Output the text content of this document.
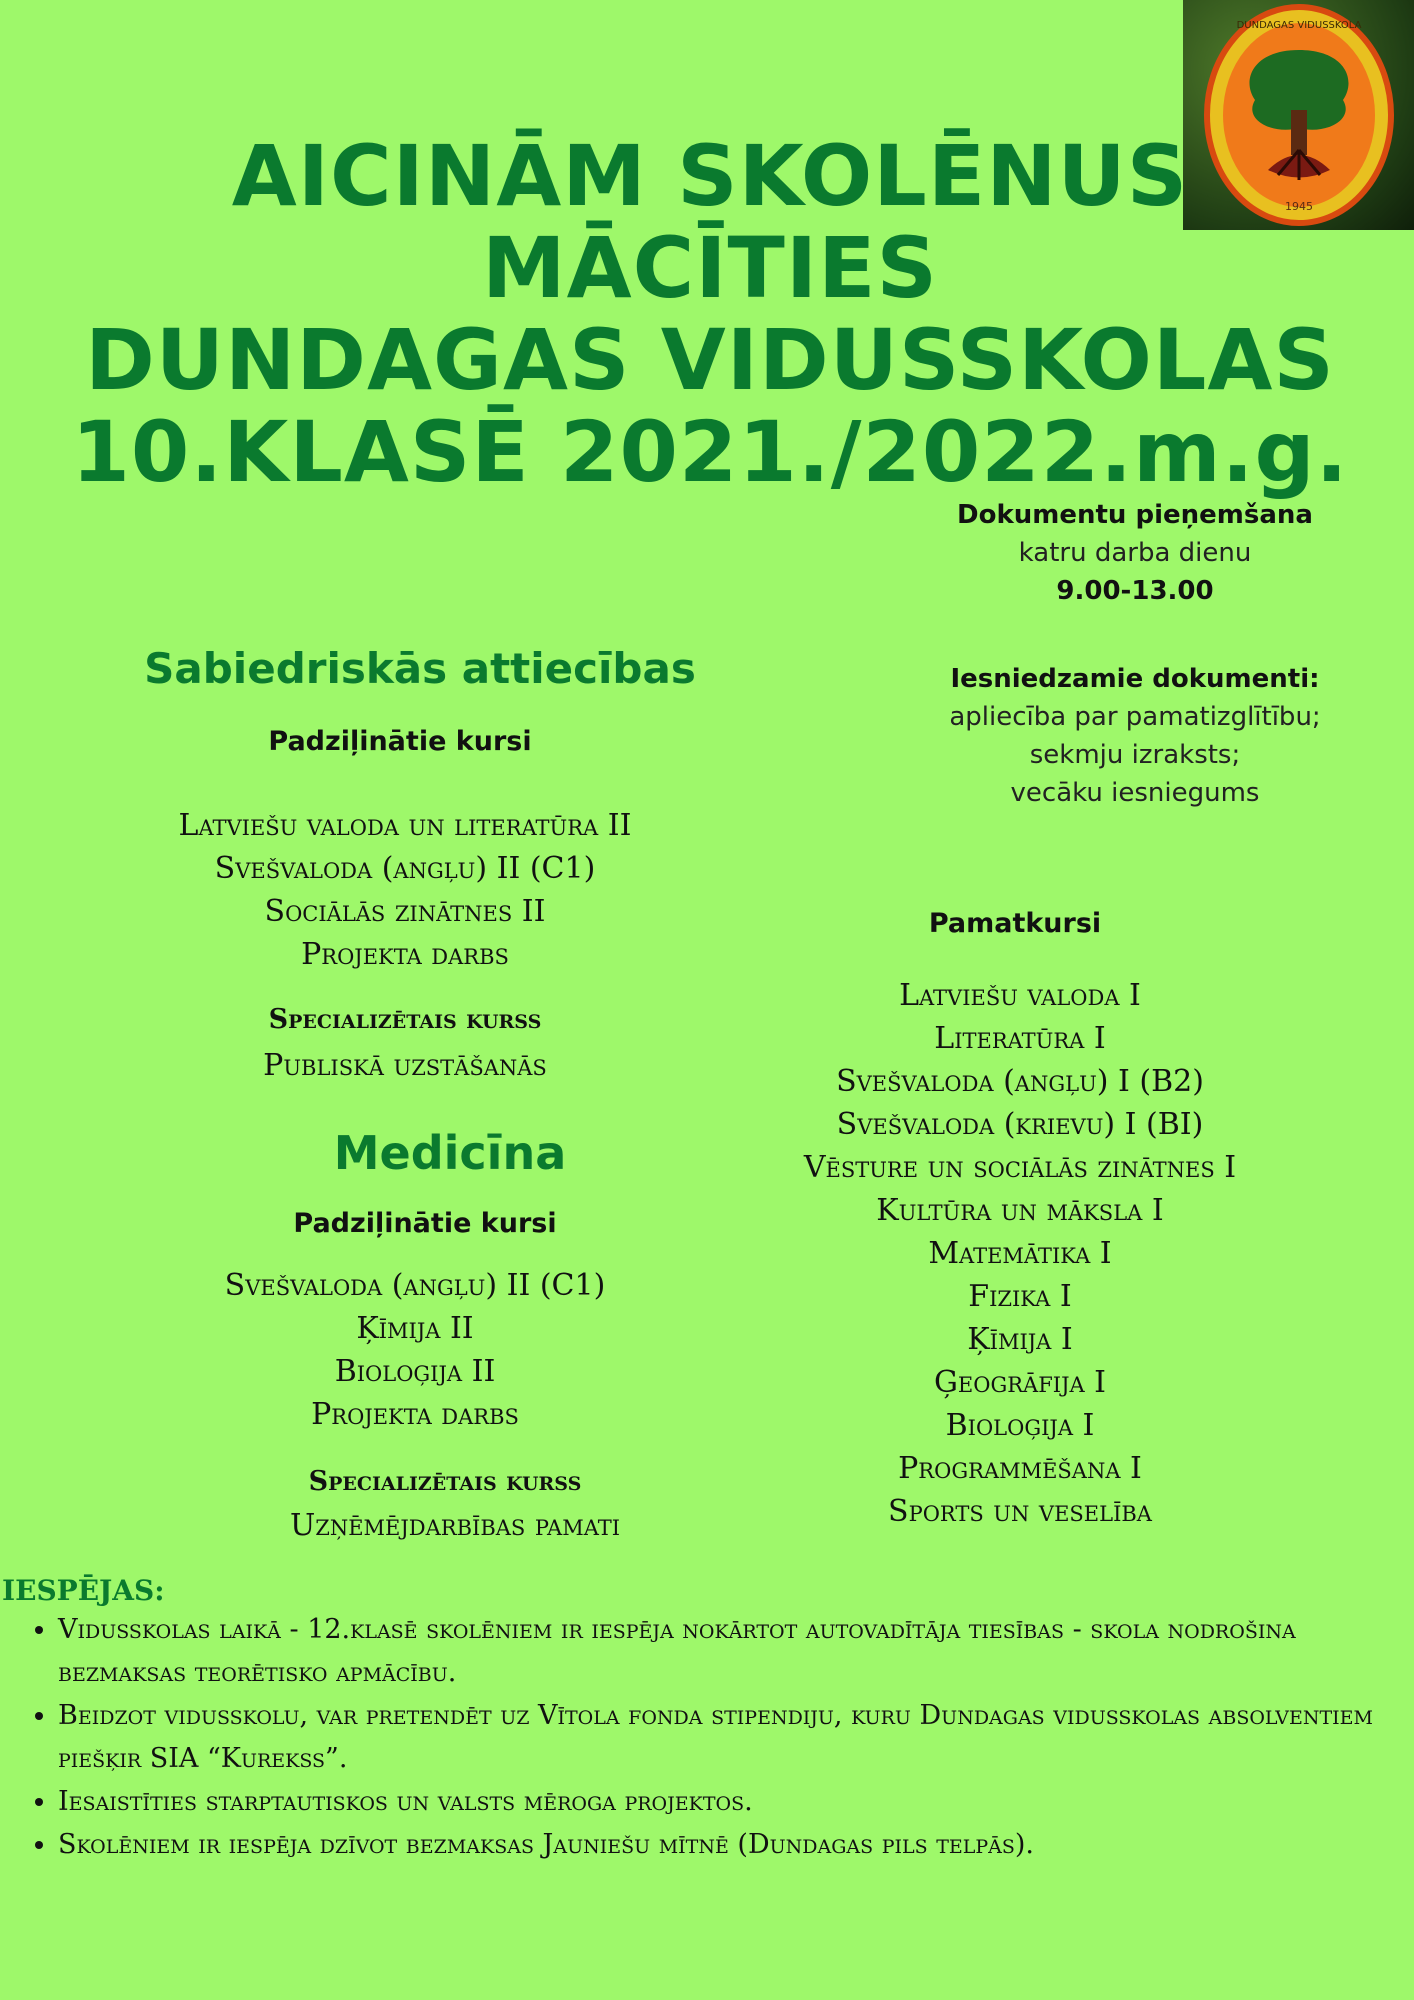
1945
DUNDAGAS VIDUSSKOLA
AICINĀM SKOLĒNUS
MĀCĪTIES
DUNDAGAS VIDUSSKOLAS
10.KLASĒ 2021./2022.m.g.
Dokumentu pieņemšana
katru darba dienu
9.00-13.00
Iesniedzamie dokumenti:
apliecība par pamatizglītību;
sekmju izraksts;
vecāku iesniegums
Sabiedriskās attiecības
Padziļinātie kursi
Latviešu valoda un literatūra II
Svešvaloda (angļu) II (C1)
Sociālās zinātnes II
Projekta darbs
Specializētais kurss
Publiskā uzstāšanās
Medicīna
Padziļinātie kursi
Svešvaloda (angļu) II (C1)
Ķīmija II
Bioloģija II
Projekta darbs
Specializētais kurss
Uzņēmējdarbības pamati
Pamatkursi
Latviešu valoda I
Literatūra I
Svešvaloda (angļu) I (B2)
Svešvaloda (krievu) I (BI)
Vēsture un sociālās zinātnes I
Kultūra un māksla I
Matemātika I
Fizika I
Ķīmija I
Ģeogrāfija I
Bioloģija I
Programmēšana I
Sports un veselība
IESPĒJAS:
• Vidusskolas laikā - 12.klasē skolēniem ir iespēja nokārtot autovadītāja tiesības - skola nodrošina bezmaksas teorētisko apmācību.
• Beidzot vidusskolu, var pretendēt uz Vītola fonda stipendiju, kuru Dundagas vidusskolas absolventiem piešķir SIA “Kurekss”.
• Iesaistīties starptautiskos un valsts mēroga projektos.
• Skolēniem ir iespēja dzīvot bezmaksas Jauniešu mītnē (Dundagas pils telpās).
